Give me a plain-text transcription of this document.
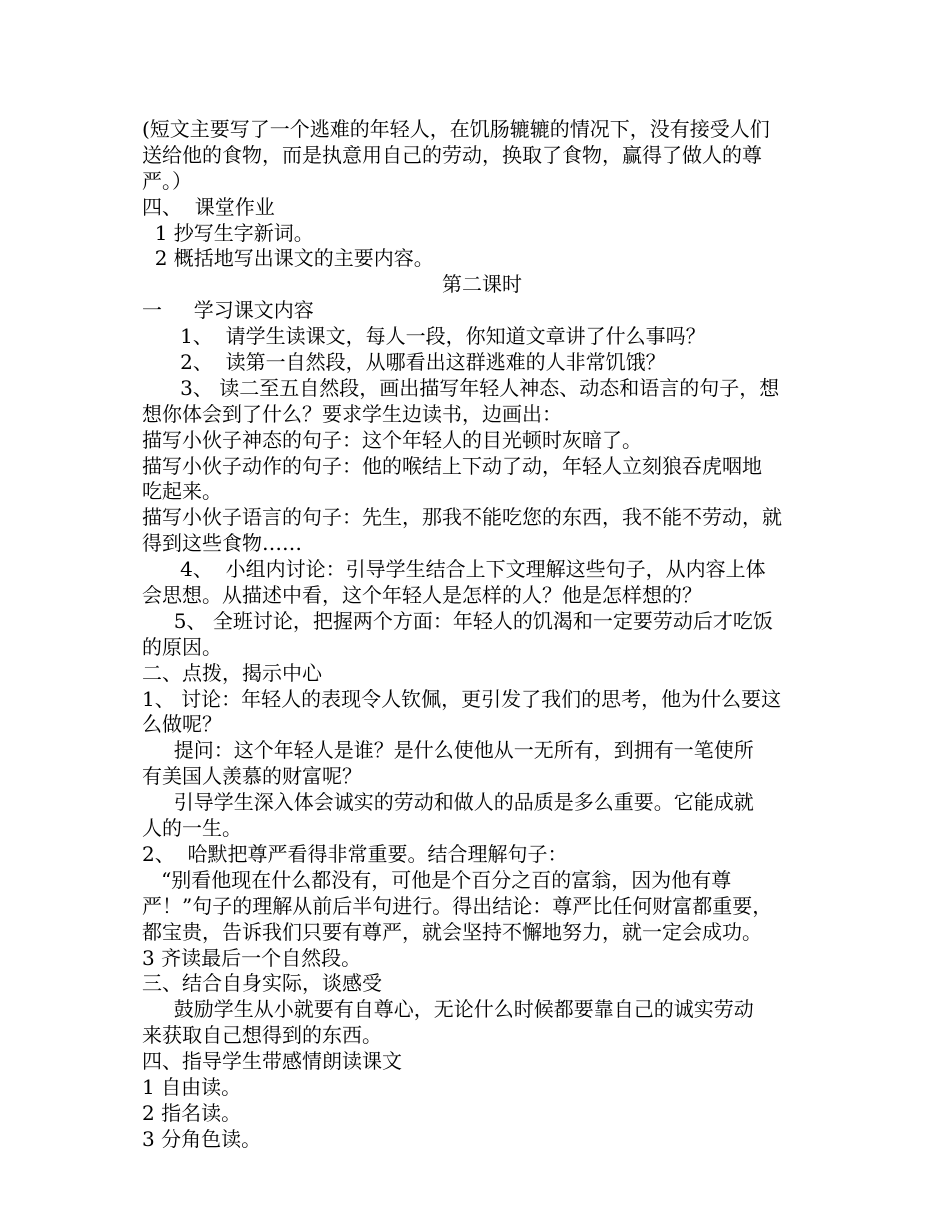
(短文主要写了一个逃难的年轻人，在饥肠辘辘的情况下，没有接受人们
送给他的食物，而是执意用自己的劳动，换取了食物，赢得了做人的尊
严。）
四、  课堂作业
1 抄写生字新词。
2 概括地写出课文的主要内容。
第二课时
一     学习课文内容
1、  请学生读课文，每人一段，你知道文章讲了什么事吗？
2、  读第一自然段，从哪看出这群逃难的人非常饥饿？
3、 读二至五自然段，画出描写年轻人神态、动态和语言的句子，想
想你体会到了什么？要求学生边读书，边画出：
描写小伙子神态的句子：这个年轻人的目光顿时灰暗了。
描写小伙子动作的句子：他的喉结上下动了动，年轻人立刻狼吞虎咽地
吃起来。
描写小伙子语言的句子：先生，那我不能吃您的东西，我不能不劳动，就
得到这些食物……
4、  小组内讨论：引导学生结合上下文理解这些句子，从内容上体
会思想。从描述中看，这个年轻人是怎样的人？他是怎样想的？
5、 全班讨论，把握两个方面：年轻人的饥渴和一定要劳动后才吃饭
的原因。
二、点拨，揭示中心
1、 讨论：年轻人的表现令人钦佩，更引发了我们的思考，他为什么要这
么做呢？
提问：这个年轻人是谁？是什么使他从一无所有，到拥有一笔使所
有美国人羡慕的财富呢？
引导学生深入体会诚实的劳动和做人的品质是多么重要。它能成就
人的一生。
2、  哈默把尊严看得非常重要。结合理解句子：
“别看他现在什么都没有，可他是个百分之百的富翁，因为他有尊
严！”句子的理解从前后半句进行。得出结论：尊严比任何财富都重要，
都宝贵，告诉我们只要有尊严，就会坚持不懈地努力，就一定会成功。
3 齐读最后一个自然段。
三、结合自身实际，谈感受
鼓励学生从小就要有自尊心，无论什么时候都要靠自己的诚实劳动
来获取自己想得到的东西。
四、指导学生带感情朗读课文
1 自由读。
2 指名读。
3 分角色读。
